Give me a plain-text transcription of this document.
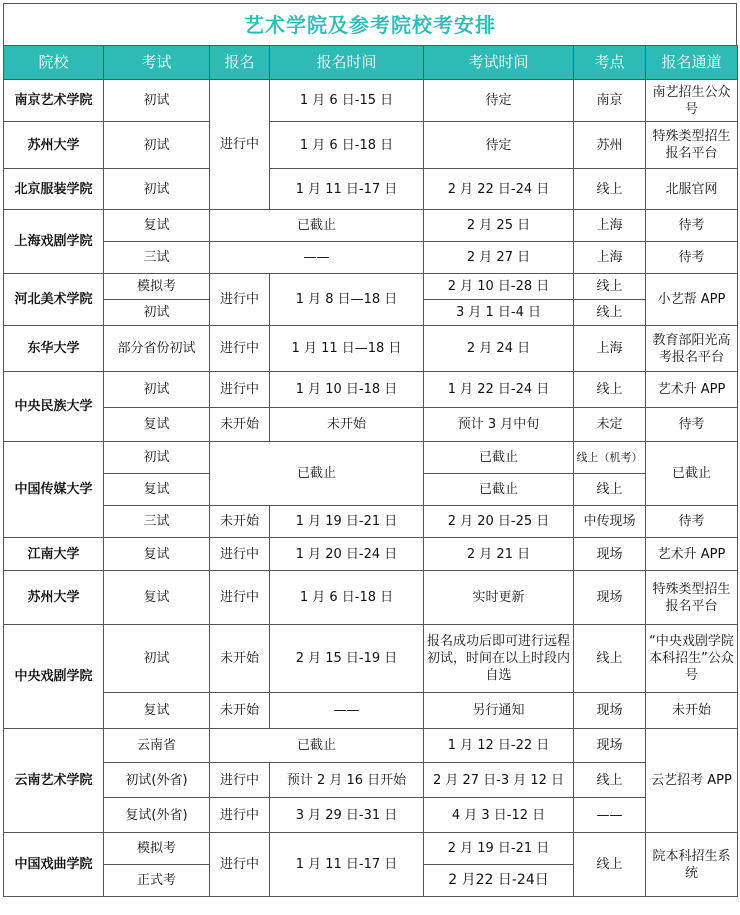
艺术学院及参考院校考安排
院校	考试	报名	报名时间	考试时间	考点	报名通道
南京艺术学院	初试	进行中	1 月 6 日-15 日	待定	南京	南艺招生公众号
苏州大学	初试		1 月 6 日-18 日	待定	苏州	特殊类型招生报名平台
北京服装学院	初试		1 月 11 日-17 日	2 月 22 日-24 日	线上	北服官网
上海戏剧学院	复试	已截止		2 月 25 日	上海	待考
	三试	——		2 月 27 日	上海	待考
河北美术学院	模拟考	进行中	1 月 8 日—18 日	2 月 10 日-28 日	线上	小艺帮 APP
	初试			3 月 1 日-4 日	线上	
东华大学	部分省份初试	进行中	1 月 11 日—18 日	2 月 24 日	上海	教育部阳光高考报名平台
中央民族大学	初试	进行中	1 月 10 日-18 日	1 月 22 日-24 日	线上	艺术升 APP
	复试	未开始	未开始	预计 3 月中旬	未定	待考
中国传媒大学	初试	已截止		已截止	线上（机考）	已截止
	复试			已截止	线上	
	三试	未开始	1 月 19 日-21 日	2 月 20 日-25 日	中传现场	待考
江南大学	复试	进行中	1 月 20 日-24 日	2 月 21 日	现场	艺术升 APP
苏州大学	复试	进行中	1 月 6 日-18 日	实时更新	现场	特殊类型招生报名平台
中央戏剧学院	初试	未开始	2 月 15 日-19 日	报名成功后即可进行远程初试，时间在以上时段内自选	线上	“中央戏剧学院本科招生”公众号
	复试	未开始	——	另行通知	现场	未开始
云南艺术学院	云南省	已截止		1 月 12 日-22 日	现场	云艺招考 APP
	初试(外省)	进行中	预计 2 月 16 日开始	2 月 27 日-3 月 12 日	线上	
	复试(外省)	进行中	3 月 29 日-31 日	4 月 3 日-12 日	——	
中国戏曲学院	模拟考	进行中	1 月 11 日-17 日	2 月 19 日-21 日	线上	院本科招生系统
	正式考			2 月22 日-24日		
